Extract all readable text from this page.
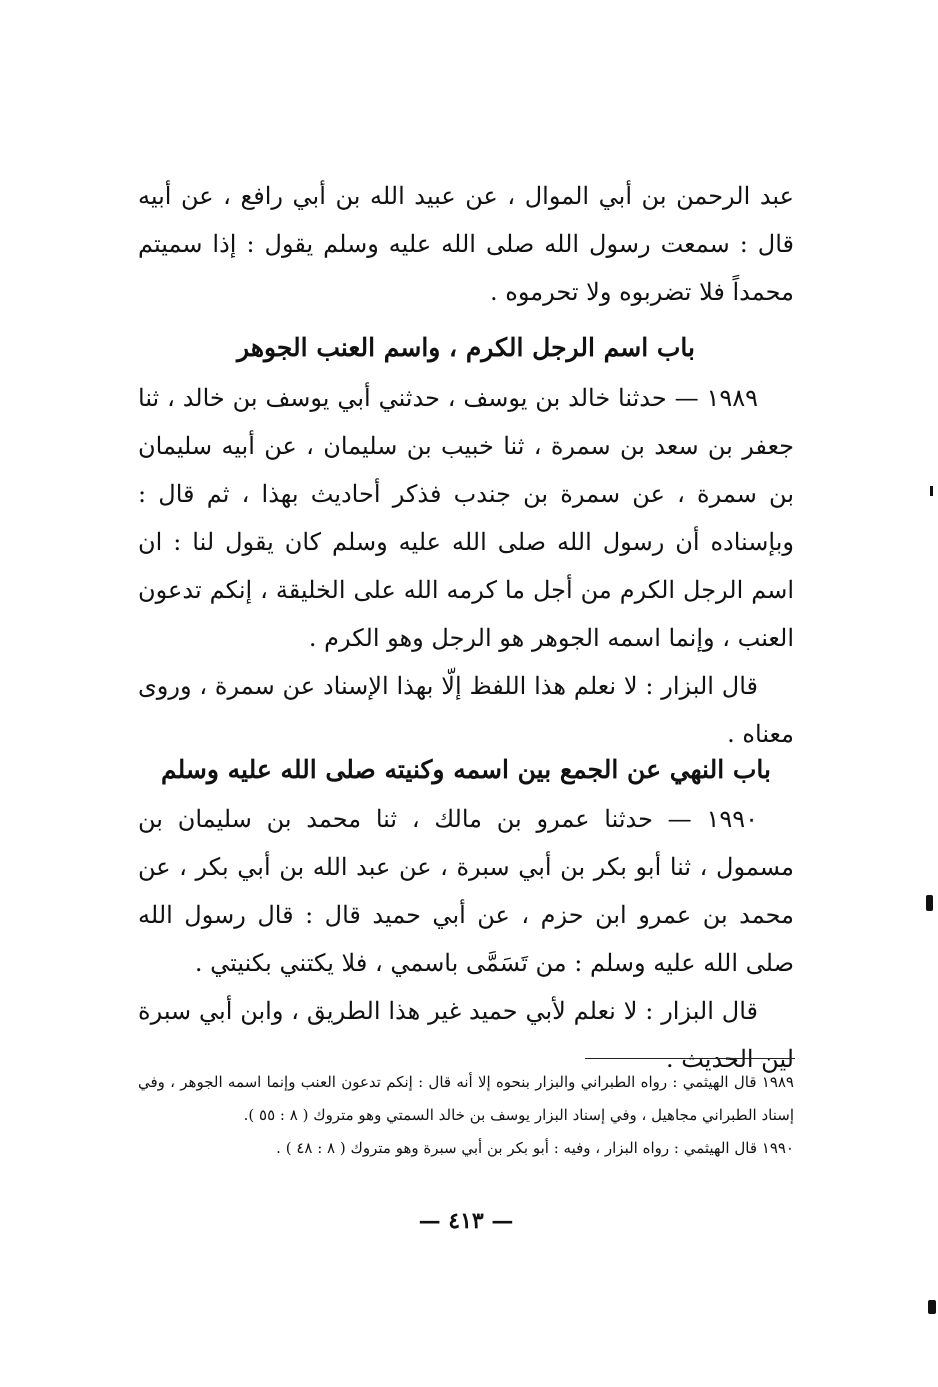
عبد الرحمن بن أبي الموال ، عن عبيد الله بن أبي رافع ، عن أبيه قال : سمعت رسول الله صلى الله عليه وسلم يقول : إذا سميتم محمداً فلا تضربوه ولا تحرموه .

باب اسم الرجل الكرم ، واسم العنب الجوهر

١٩٨٩ — حدثنا خالد بن يوسف ، حدثني أبي يوسف بن خالد ، ثنا جعفر بن سعد بن سمرة ، ثنا خبيب بن سليمان ، عن أبيه سليمان بن سمرة ، عن سمرة بن جندب فذكر أحاديث بهذا ، ثم قال : وبإسناده أن رسول الله صلى الله عليه وسلم كان يقول لنا : ان اسم الرجل الكرم من أجل ما كرمه الله على الخليقة ، إنكم تدعون العنب ، وإنما اسمه الجوهر هو الرجل وهو الكرم .

قال البزار : لا نعلم هذا اللفظ إلّا بهذا الإسناد عن سمرة ، وروى معناه .

باب النهي عن الجمع بين اسمه وكنيته صلى الله عليه وسلم

١٩٩٠ — حدثنا عمرو بن مالك ، ثنا محمد بن سليمان بن مسمول ، ثنا أبو بكر بن أبي سبرة ، عن عبد الله بن أبي بكر ، عن محمد بن عمرو ابن حزم ، عن أبي حميد قال : قال رسول الله صلى الله عليه وسلم : من تَسَمَّى باسمي ، فلا يكتني بكنيتي .

قال البزار : لا نعلم لأبي حميد غير هذا الطريق ، وابن أبي سبرة لين الحديث .

١٩٨٩ قال الهيثمي : رواه الطبراني والبزار بنحوه إلا أنه قال : إنكم تدعون العنب وإنما اسمه الجوهر ، وفي إسناد الطبراني مجاهيل ، وفي إسناد البزار يوسف بن خالد السمتي وهو متروك ( ٨ : ٥٥ ).

١٩٩٠ قال الهيثمي : رواه البزار ، وفيه : أبو بكر بن أبي سبرة وهو متروك ( ٨ : ٤٨ ) .

— ٤١٣ —
